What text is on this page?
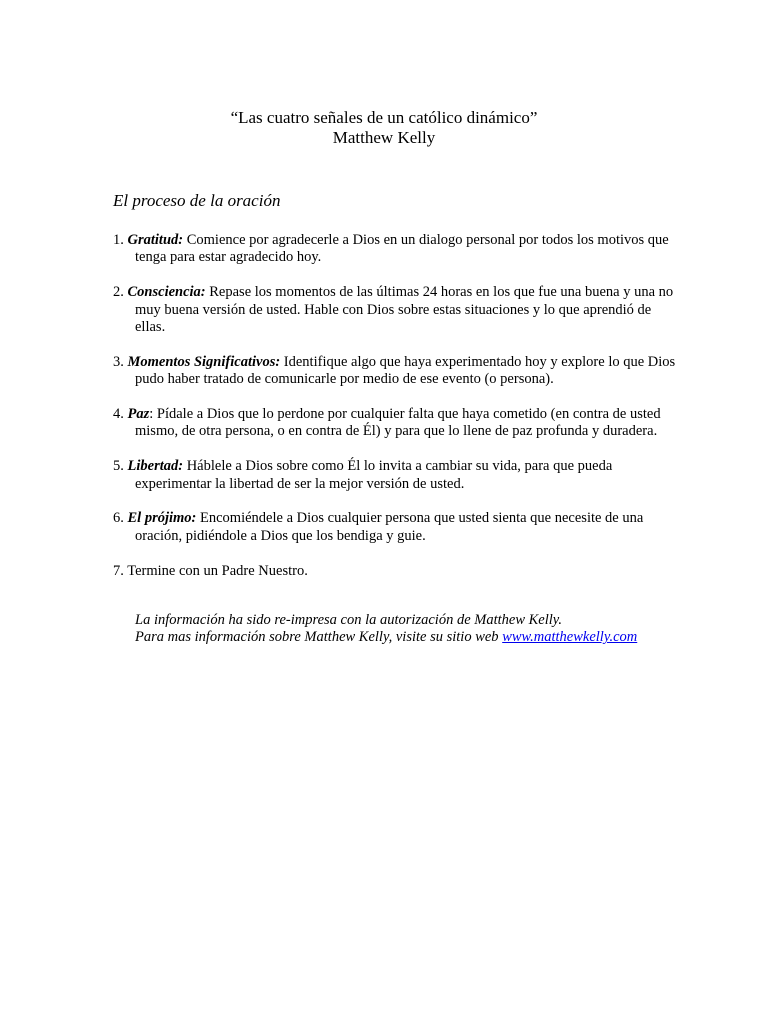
“Las cuatro señales de un católico dinámico”
Matthew Kelly
El proceso de la oración
1. Gratitud: Comience por agradecerle a Dios en un dialogo personal por todos los motivos que tenga para estar agradecido hoy.
2. Consciencia: Repase los momentos de las últimas 24 horas en los que fue una buena y una no muy buena versión de usted. Hable con Dios sobre estas situaciones y lo que aprendió de ellas.
3. Momentos Significativos: Identifique algo que haya experimentado hoy y explore lo que Dios pudo haber tratado de comunicarle por medio de ese evento (o persona).
4. Paz: Pídale a Dios que lo perdone por cualquier falta que haya cometido (en contra de usted mismo, de otra persona, o en contra de Él) y para que lo llene de paz profunda y duradera.
5. Libertad: Háblele a Dios sobre como Él lo invita a cambiar su vida, para que pueda experimentar la libertad de ser la mejor versión de usted.
6. El prójimo: Encomiéndele a Dios cualquier persona que usted sienta que necesite de una oración, pidiéndole a Dios que los bendiga y guie.
7. Termine con un Padre Nuestro.
La información ha sido re-impresa con la autorización de Matthew Kelly.
Para mas información sobre Matthew Kelly, visite su sitio web www.matthewkelly.com
